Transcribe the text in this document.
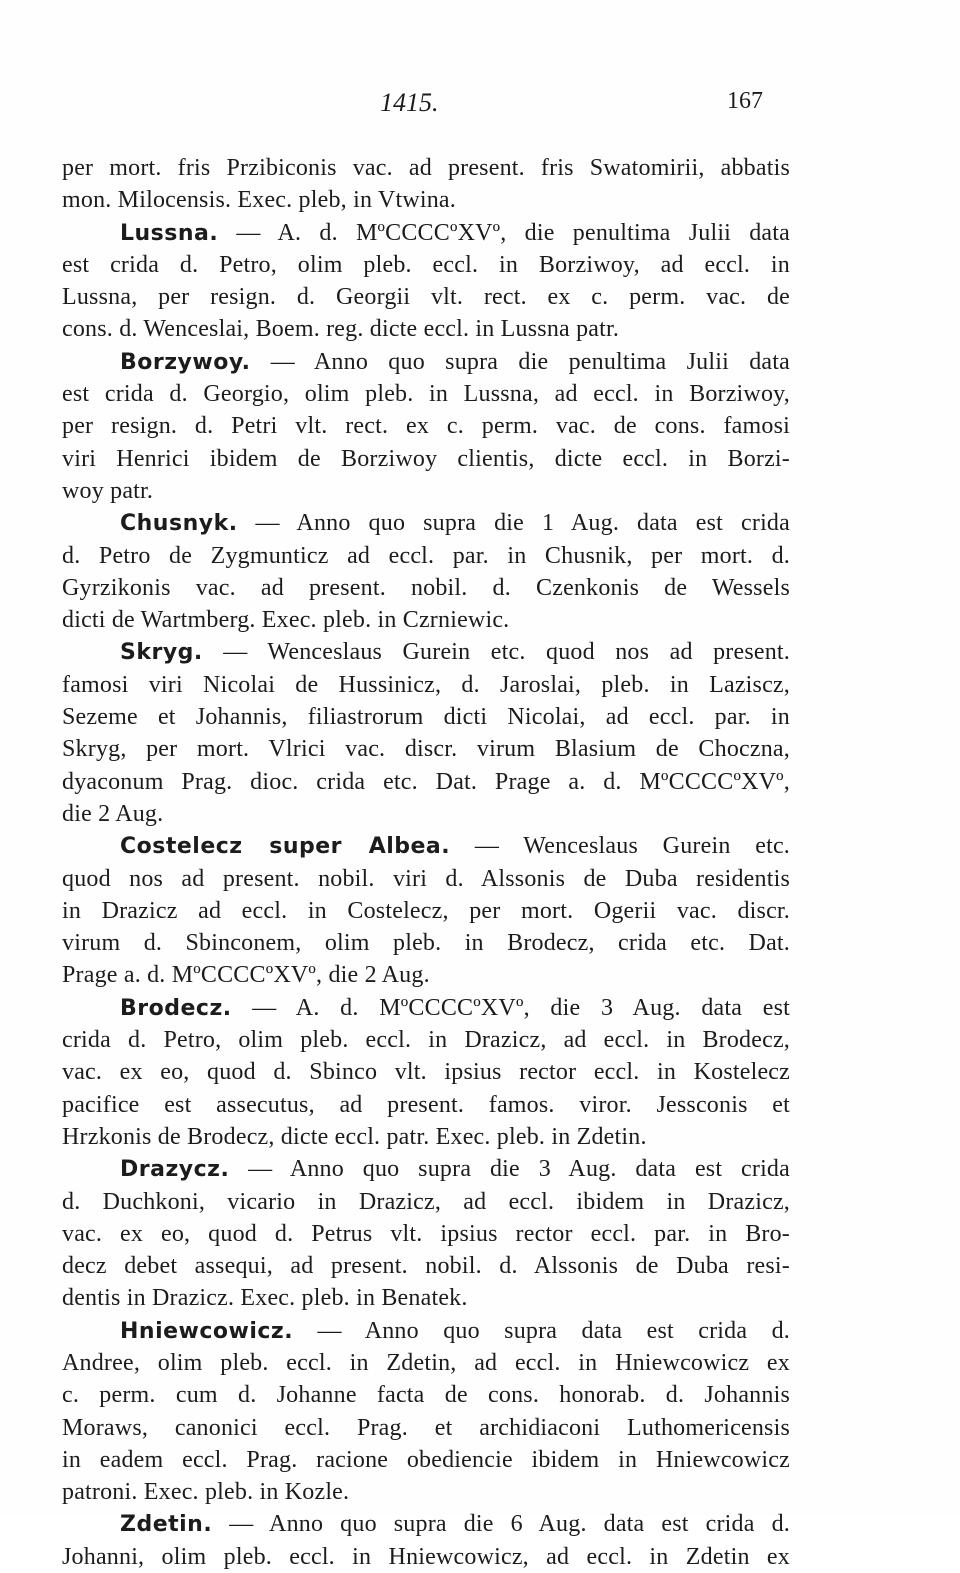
1415.	167
per mort. fris Przibiconis vac. ad present. fris Swatomirii, abbatis
mon. Milocensis. Exec. pleb, in Vtwina.
Lussna. — A. d. MºCCCCºXVº, die penultima Julii data
est crida d. Petro, olim pleb. eccl. in Borziwoy, ad eccl. in
Lussna, per resign. d. Georgii vlt. rect. ex c. perm. vac. de
cons. d. Wenceslai, Boem. reg. dicte eccl. in Lussna patr.
Borzywoy. — Anno quo supra die penultima Julii data
est crida d. Georgio, olim pleb. in Lussna, ad eccl. in Borziwoy,
per resign. d. Petri vlt. rect. ex c. perm. vac. de cons. famosi
viri Henrici ibidem de Borziwoy clientis, dicte eccl. in Borzi-
woy patr.
Chusnyk. — Anno quo supra die 1 Aug. data est crida
d. Petro de Zygmunticz ad eccl. par. in Chusnik, per mort. d.
Gyrzikonis vac. ad present. nobil. d. Czenkonis de Wessels
dicti de Wartmberg. Exec. pleb. in Czrniewic.
Skryg. — Wenceslaus Gurein etc. quod nos ad present.
famosi viri Nicolai de Hussinicz, d. Jaroslai, pleb. in Laziscz,
Sezeme et Johannis, filiastrorum dicti Nicolai, ad eccl. par. in
Skryg, per mort. Vlrici vac. discr. virum Blasium de Choczna,
dyaconum Prag. dioc. crida etc. Dat. Prage a. d. MºCCCCºXVº,
die 2 Aug.
Costelecz super Albea. — Wenceslaus Gurein etc.
quod nos ad present. nobil. viri d. Alssonis de Duba residentis
in Drazicz ad eccl. in Costelecz, per mort. Ogerii vac. discr.
virum d. Sbinconem, olim pleb. in Brodecz, crida etc. Dat.
Prage a. d. MºCCCCºXVº, die 2 Aug.
Brodecz. — A. d. MºCCCCºXVº, die 3 Aug. data est
crida d. Petro, olim pleb. eccl. in Drazicz, ad eccl. in Brodecz,
vac. ex eo, quod d. Sbinco vlt. ipsius rector eccl. in Kostelecz
pacifice est assecutus, ad present. famos. viror. Jessconis et
Hrzkonis de Brodecz, dicte eccl. patr. Exec. pleb. in Zdetin.
Drazycz. — Anno quo supra die 3 Aug. data est crida
d. Duchkoni, vicario in Drazicz, ad eccl. ibidem in Drazicz,
vac. ex eo, quod d. Petrus vlt. ipsius rector eccl. par. in Bro-
decz debet assequi, ad present. nobil. d. Alssonis de Duba resi-
dentis in Drazicz. Exec. pleb. in Benatek.
Hniewcowicz. — Anno quo supra data est crida d.
Andree, olim pleb. eccl. in Zdetin, ad eccl. in Hniewcowicz ex
c. perm. cum d. Johanne facta de cons. honorab. d. Johannis
Moraws, canonici eccl. Prag. et archidiaconi Luthomericensis
in eadem eccl. Prag. racione obediencie ibidem in Hniewcowicz
patroni. Exec. pleb. in Kozle.
Zdetin. — Anno quo supra die 6 Aug. data est crida d.
Johanni, olim pleb. eccl. in Hniewcowicz, ad eccl. in Zdetin ex
